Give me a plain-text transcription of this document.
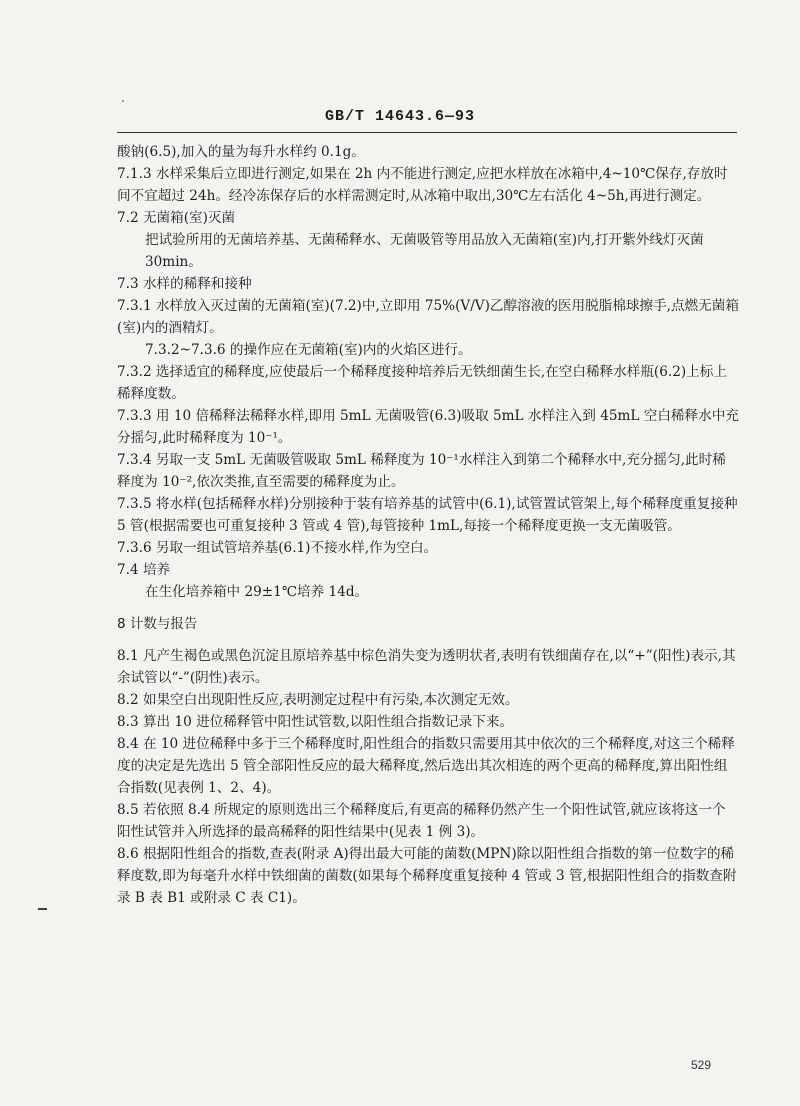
GB/T 14643.6—93

酸钠(6.5),加入的量为每升水样约 0.1g。

7.1.3 水样采集后立即进行测定,如果在 2h 内不能进行测定,应把水样放在冰箱中,4~10℃保存,存放时间不宜超过 24h。经冷冻保存后的水样需测定时,从冰箱中取出,30℃左右活化 4~5h,再进行测定。

7.2 无菌箱(室)灭菌

把试验所用的无菌培养基、无菌稀释水、无菌吸管等用品放入无菌箱(室)内,打开紫外线灯灭菌 30min。

7.3 水样的稀释和接种

7.3.1 水样放入灭过菌的无菌箱(室)(7.2)中,立即用 75%(V/V)乙醇溶液的医用脱脂棉球擦手,点燃无菌箱(室)内的酒精灯。

7.3.2~7.3.6 的操作应在无菌箱(室)内的火焰区进行。

7.3.2 选择适宜的稀释度,应使最后一个稀释度接种培养后无铁细菌生长,在空白稀释水样瓶(6.2)上标上稀释度数。

7.3.3 用 10 倍稀释法稀释水样,即用 5mL 无菌吸管(6.3)吸取 5mL 水样注入到 45mL 空白稀释水中充分摇匀,此时稀释度为 10⁻¹。

7.3.4 另取一支 5mL 无菌吸管吸取 5mL 稀释度为 10⁻¹水样注入到第二个稀释水中,充分摇匀,此时稀释度为 10⁻²,依次类推,直至需要的稀释度为止。

7.3.5 将水样(包括稀释水样)分别接种于装有培养基的试管中(6.1),试管置试管架上,每个稀释度重复接种 5 管(根据需要也可重复接种 3 管或 4 管),每管接种 1mL,每接一个稀释度更换一支无菌吸管。

7.3.6 另取一组试管培养基(6.1)不接水样,作为空白。

7.4 培养

在生化培养箱中 29±1℃培养 14d。

8 计数与报告

8.1 凡产生褐色或黑色沉淀且原培养基中棕色消失变为透明状者,表明有铁细菌存在,以“+”(阳性)表示,其余试管以“-”(阴性)表示。

8.2 如果空白出现阳性反应,表明测定过程中有污染,本次测定无效。

8.3 算出 10 进位稀释管中阳性试管数,以阳性组合指数记录下来。

8.4 在 10 进位稀释中多于三个稀释度时,阳性组合的指数只需要用其中依次的三个稀释度,对这三个稀释度的决定是先选出 5 管全部阳性反应的最大稀释度,然后选出其次相连的两个更高的稀释度,算出阳性组合指数(见表例 1、2、4)。

8.5 若依照 8.4 所规定的原则选出三个稀释度后,有更高的稀释仍然产生一个阳性试管,就应该将这一个阳性试管并入所选择的最高稀释的阳性结果中(见表 1 例 3)。

8.6 根据阳性组合的指数,查表(附录 A)得出最大可能的菌数(MPN)除以阳性组合指数的第一位数字的稀释度数,即为每毫升水样中铁细菌的菌数(如果每个稀释度重复接种 4 管或 3 管,根据阳性组合的指数查附录 B 表 B1 或附录 C 表 C1)。

529
